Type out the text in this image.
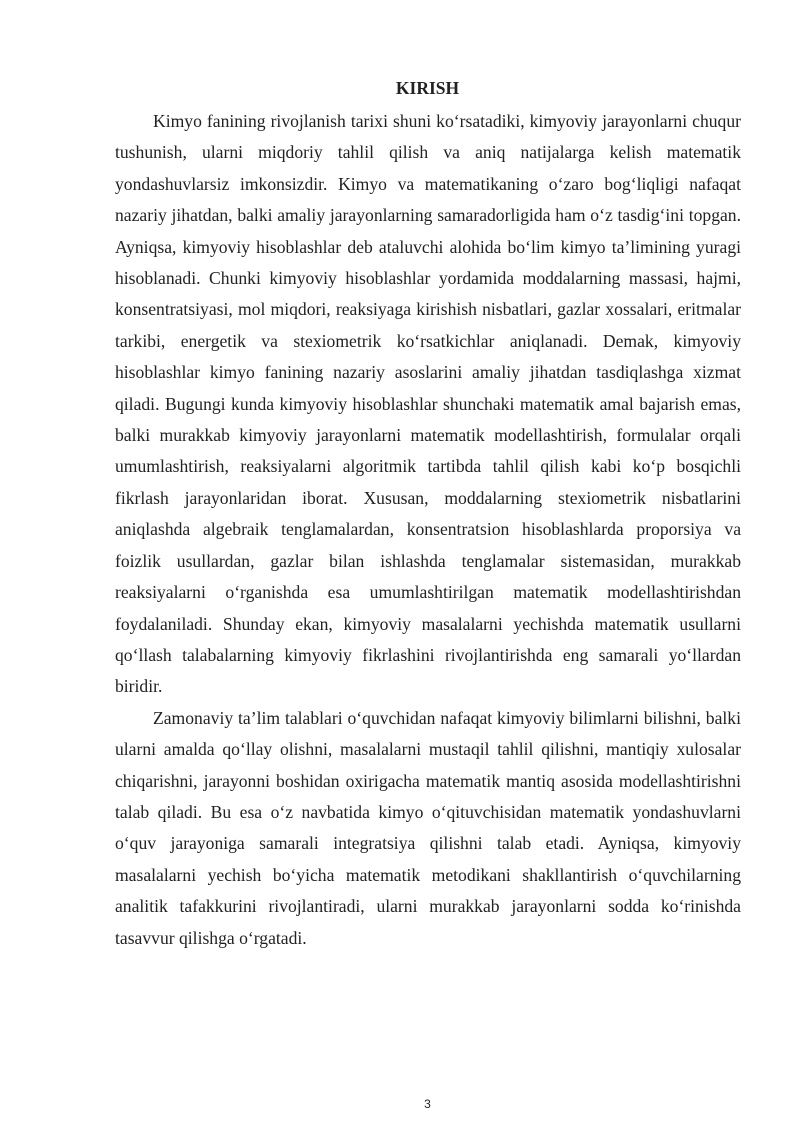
KIRISH

Kimyo fanining rivojlanish tarixi shuni ko‘rsatadiki, kimyoviy jarayonlarni chuqur tushunish, ularni miqdoriy tahlil qilish va aniq natijalarga kelish matematik yondashuvlarsiz imkonsizdir. Kimyo va matematikaning o‘zaro bog‘liqligi nafaqat nazariy jihatdan, balki amaliy jarayonlarning samaradorligida ham o‘z tasdig‘ini topgan. Ayniqsa, kimyoviy hisoblashlar deb ataluvchi alohida bo‘lim kimyo ta’limining yuragi hisoblanadi. Chunki kimyoviy hisoblashlar yordamida moddalarning massasi, hajmi, konsentratsiyasi, mol miqdori, reaksiyaga kirishish nisbatlari, gazlar xossalari, eritmalar tarkibi, energetik va stexiometrik ko‘rsatkichlar aniqlanadi. Demak, kimyoviy hisoblashlar kimyo fanining nazariy asoslarini amaliy jihatdan tasdiqlashga xizmat qiladi. Bugungi kunda kimyoviy hisoblashlar shunchaki matematik amal bajarish emas, balki murakkab kimyoviy jarayonlarni matematik modellashtirish, formulalar orqali umumlashtirish, reaksiyalarni algoritmik tartibda tahlil qilish kabi ko‘p bosqichli fikrlash jarayonlaridan iborat. Xususan, moddalarning stexiometrik nisbatlarini aniqlashda algebraik tenglamalardan, konsentratsion hisoblashlarda proporsiya va foizlik usullardan, gazlar bilan ishlashda tenglamalar sistemasidan, murakkab reaksiyalarni o‘rganishda esa umumlashtirilgan matematik modellashtirishdan foydalaniladi. Shunday ekan, kimyoviy masalalarni yechishda matematik usullarni qo‘llash talabalarning kimyoviy fikrlashini rivojlantirishda eng samarali yo‘llardan biridir.

Zamonaviy ta’lim talablari o‘quvchidan nafaqat kimyoviy bilimlarni bilishni, balki ularni amalda qo‘llay olishni, masalalarni mustaqil tahlil qilishni, mantiqiy xulosalar chiqarishni, jarayonni boshidan oxirigacha matematik mantiq asosida modellashtirishni talab qiladi. Bu esa o‘z navbatida kimyo o‘qituvchisidan matematik yondashuvlarni o‘quv jarayoniga samarali integratsiya qilishni talab etadi. Ayniqsa, kimyoviy masalalarni yechish bo‘yicha matematik metodikani shakllantirish o‘quvchilarning analitik tafakkurini rivojlantiradi, ularni murakkab jarayonlarni sodda ko‘rinishda tasavvur qilishga o‘rgatadi.

3
